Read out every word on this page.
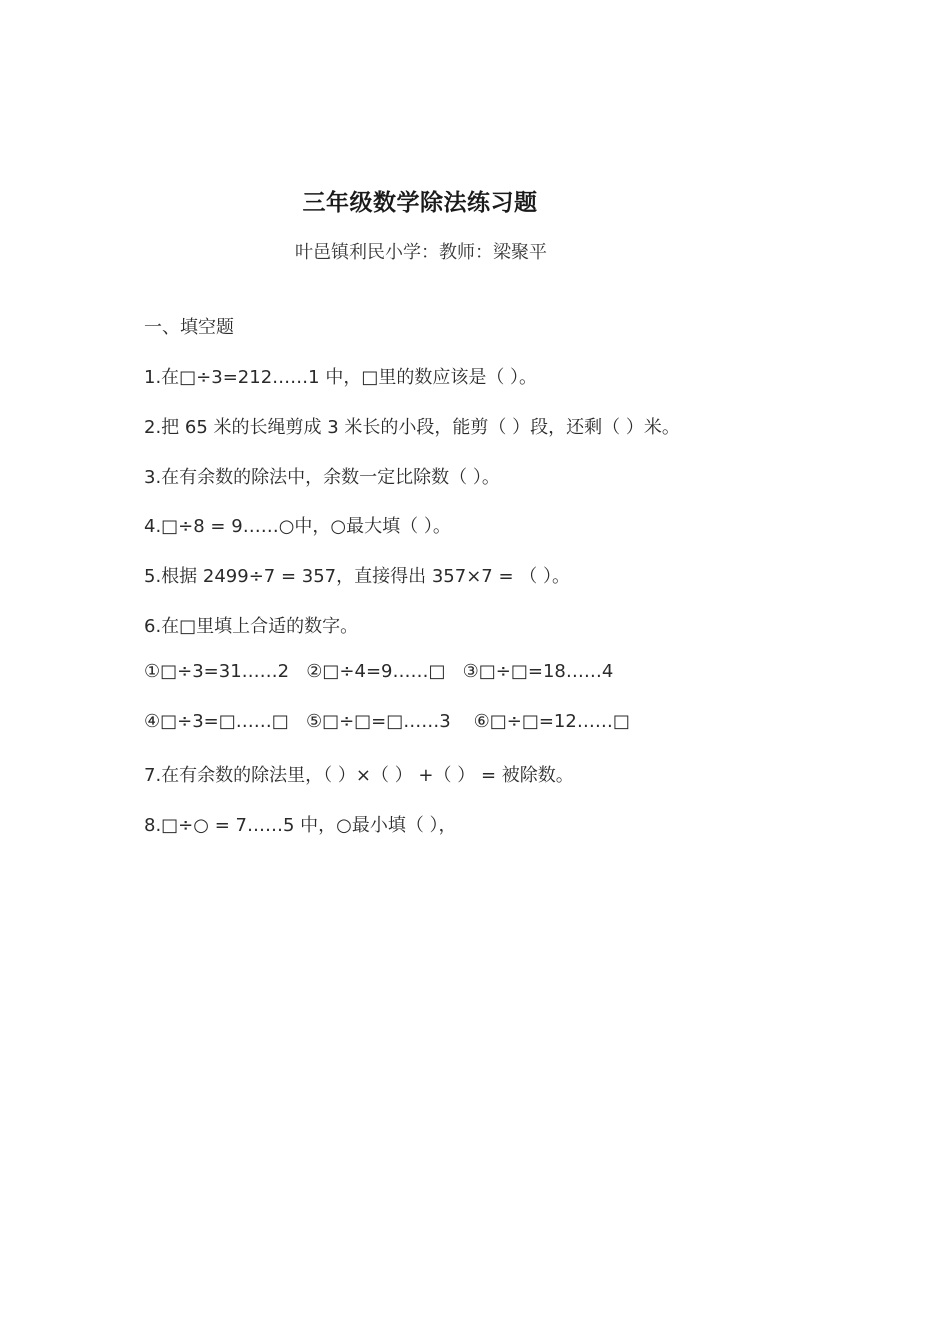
三年级数学除法练习题
叶邑镇利民小学：教师：梁聚平
一、填空题
1.在□÷3=212……1 中，□里的数应该是（ ）。
2.把 65 米的长绳剪成 3 米长的小段，能剪（ ）段，还剩（ ）米。
3.在有余数的除法中，余数一定比除数（ ）。
4.□÷8 = 9……○中，○最大填（ ）。
5.根据 2499÷7 = 357，直接得出 357×7 = （ ）。
6.在□里填上合适的数字。
①□÷3=31……2   ②□÷4=9……□   ③□÷□=18……4
④□÷3=□……□   ⑤□÷□=□……3    ⑥□÷□=12……□
7.在有余数的除法里，（ ）×（ ） +（ ） = 被除数。
8.□÷○ = 7……5 中，○最小填（ ），
